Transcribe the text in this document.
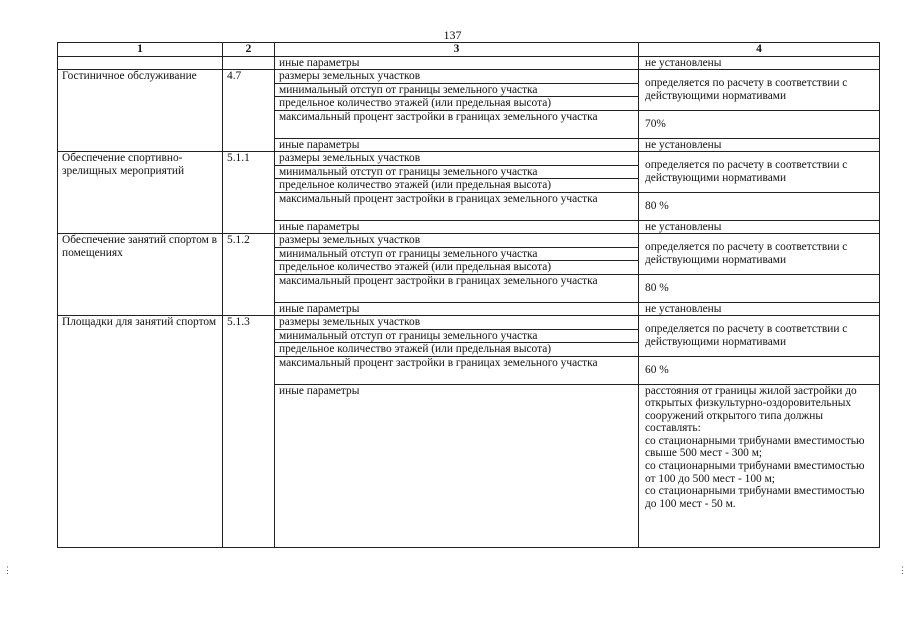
137
1	2	3	4
		иные параметры	не установлены
Гостиничное обслуживание	4.7	размеры земельных участков	определяется по расчету в соответствии с действующими нормативами
		минимальный отступ от границы земельного участка	
		предельное количество этажей (или предельная высота)	
		максимальный процент застройки в границах земельного участка	70%
		иные параметры	не установлены
Обеспечение спортивно-зрелищных мероприятий	5.1.1	размеры земельных участков	определяется по расчету в соответствии с действующими нормативами
		минимальный отступ от границы земельного участка	
		предельное количество этажей (или предельная высота)	
		максимальный процент застройки в границах земельного участка	80 %
		иные параметры	не установлены
Обеспечение занятий спортом в помещениях	5.1.2	размеры земельных участков	определяется по расчету в соответствии с действующими нормативами
		минимальный отступ от границы земельного участка	
		предельное количество этажей (или предельная высота)	
		максимальный процент застройки в границах земельного участка	80 %
		иные параметры	не установлены
Площадки для занятий спортом	5.1.3	размеры земельных участков	определяется по расчету в соответствии с действующими нормативами
		минимальный отступ от границы земельного участка	
		предельное количество этажей (или предельная высота)	
		максимальный процент застройки в границах земельного участка	60 %
		иные параметры	расстояния от границы жилой застройки до открытых физкультурно-оздоровительных сооружений открытого типа должны составлять:
со стационарными трибунами вместимостью свыше 500 мест - 300 м;
со стационарными трибунами вместимостью от 100 до 500 мест - 100 м;
со стационарными трибунами вместимостью до 100 мест - 50 м.
⋮	⋮
